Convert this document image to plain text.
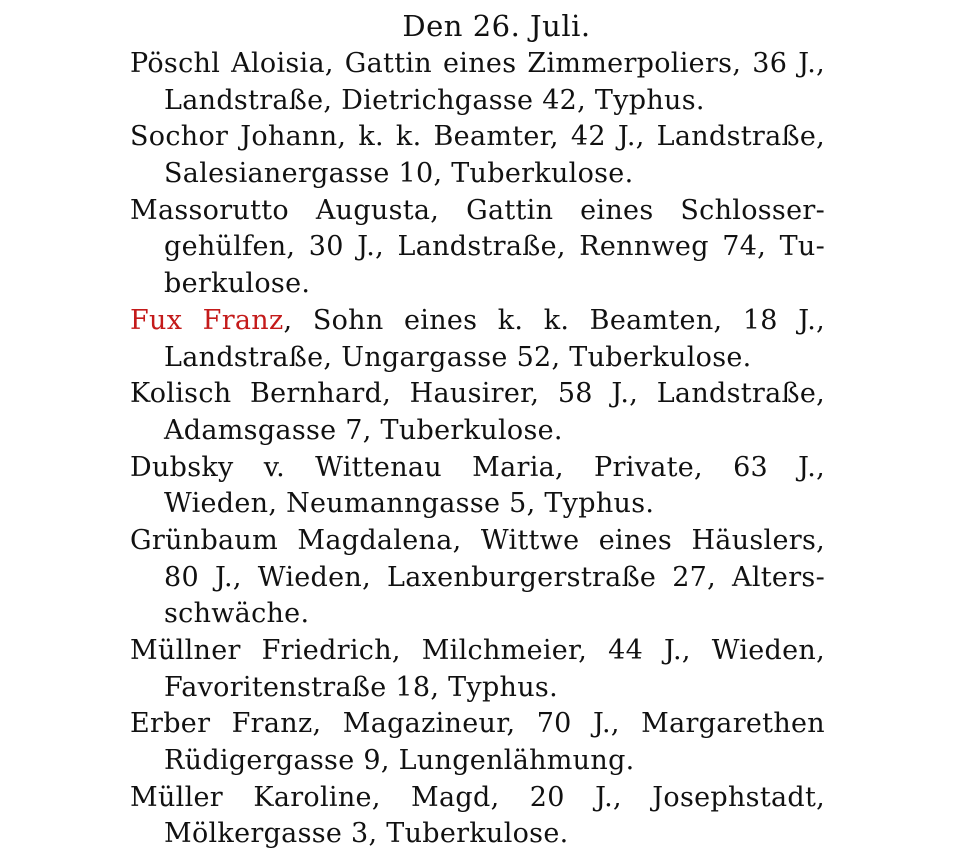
Den 26. Juli.
Pöschl Aloisia, Gattin eines Zimmerpoliers, 36 J.,
Landstraße, Dietrichgasse 42, Typhus.
Sochor Johann, k. k. Beamter, 42 J., Landstraße,
Salesianergasse 10, Tuberkulose.
Massorutto Augusta, Gattin eines Schlosser-
gehülfen, 30 J., Landstraße, Rennweg 74, Tu-
berkulose.
Fux Franz, Sohn eines k. k. Beamten, 18 J.,
Landstraße, Ungargasse 52, Tuberkulose.
Kolisch Bernhard, Hausirer, 58 J., Landstraße,
Adamsgasse 7, Tuberkulose.
Dubsky v. Wittenau Maria, Private, 63 J.,
Wieden, Neumanngasse 5, Typhus.
Grünbaum Magdalena, Wittwe eines Häuslers,
80 J., Wieden, Laxenburgerstraße 27, Alters-
schwäche.
Müllner Friedrich, Milchmeier, 44 J., Wieden,
Favoritenstraße 18, Typhus.
Erber Franz, Magazineur, 70 J., Margarethen
Rüdigergasse 9, Lungenlähmung.
Müller Karoline, Magd, 20 J., Josephstadt,
Mölkergasse 3, Tuberkulose.
